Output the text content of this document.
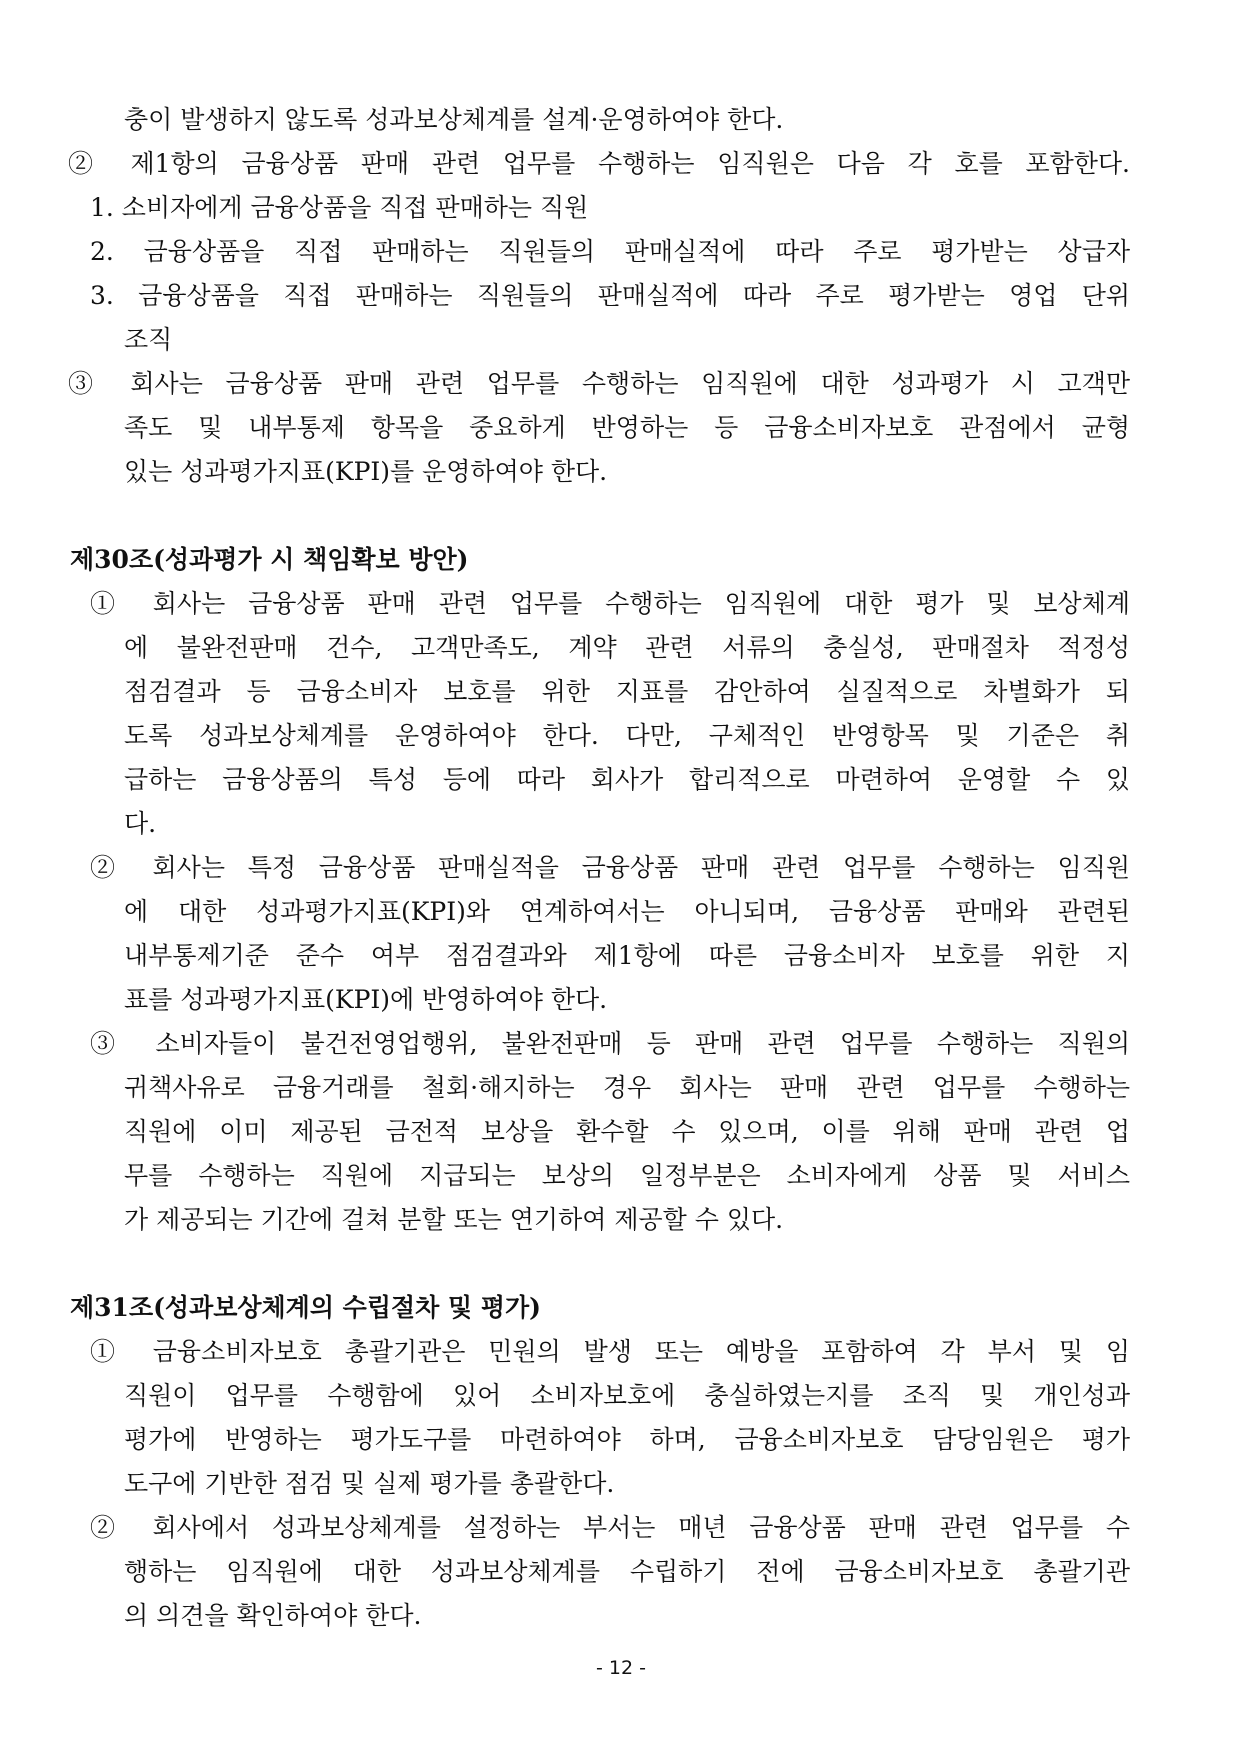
충이 발생하지 않도록 성과보상체계를 설계·운영하여야 한다.
② 제1항의 금융상품 판매 관련 업무를 수행하는 임직원은 다음 각 호를 포함한다.
1. 소비자에게 금융상품을 직접 판매하는 직원
2. 금융상품을 직접 판매하는 직원들의 판매실적에 따라 주로 평가받는 상급자
3. 금융상품을 직접 판매하는 직원들의 판매실적에 따라 주로 평가받는 영업 단위
조직
③ 회사는 금융상품 판매 관련 업무를 수행하는 임직원에 대한 성과평가 시 고객만
족도 및 내부통제 항목을 중요하게 반영하는 등 금융소비자보호 관점에서 균형
있는 성과평가지표(KPI)를 운영하여야 한다.
제30조(성과평가 시 책임확보 방안)
① 회사는 금융상품 판매 관련 업무를 수행하는 임직원에 대한 평가 및 보상체계
에 불완전판매 건수, 고객만족도, 계약 관련 서류의 충실성, 판매절차 적정성
점검결과 등 금융소비자 보호를 위한 지표를 감안하여 실질적으로 차별화가 되
도록 성과보상체계를 운영하여야 한다. 다만, 구체적인 반영항목 및 기준은 취
급하는 금융상품의 특성 등에 따라 회사가 합리적으로 마련하여 운영할 수 있
다.
② 회사는 특정 금융상품 판매실적을 금융상품 판매 관련 업무를 수행하는 임직원
에 대한 성과평가지표(KPI)와 연계하여서는 아니되며, 금융상품 판매와 관련된
내부통제기준 준수 여부 점검결과와 제1항에 따른 금융소비자 보호를 위한 지
표를 성과평가지표(KPI)에 반영하여야 한다.
③ 소비자들이 불건전영업행위, 불완전판매 등 판매 관련 업무를 수행하는 직원의
귀책사유로 금융거래를 철회·해지하는 경우 회사는 판매 관련 업무를 수행하는
직원에 이미 제공된 금전적 보상을 환수할 수 있으며, 이를 위해 판매 관련 업
무를 수행하는 직원에 지급되는 보상의 일정부분은 소비자에게 상품 및 서비스
가 제공되는 기간에 걸쳐 분할 또는 연기하여 제공할 수 있다.
제31조(성과보상체계의 수립절차 및 평가)
① 금융소비자보호 총괄기관은 민원의 발생 또는 예방을 포함하여 각 부서 및 임
직원이 업무를 수행함에 있어 소비자보호에 충실하였는지를 조직 및 개인성과
평가에 반영하는 평가도구를 마련하여야 하며, 금융소비자보호 담당임원은 평가
도구에 기반한 점검 및 실제 평가를 총괄한다.
② 회사에서 성과보상체계를 설정하는 부서는 매년 금융상품 판매 관련 업무를 수
행하는 임직원에 대한 성과보상체계를 수립하기 전에 금융소비자보호 총괄기관
의 의견을 확인하여야 한다.
- 12 -
